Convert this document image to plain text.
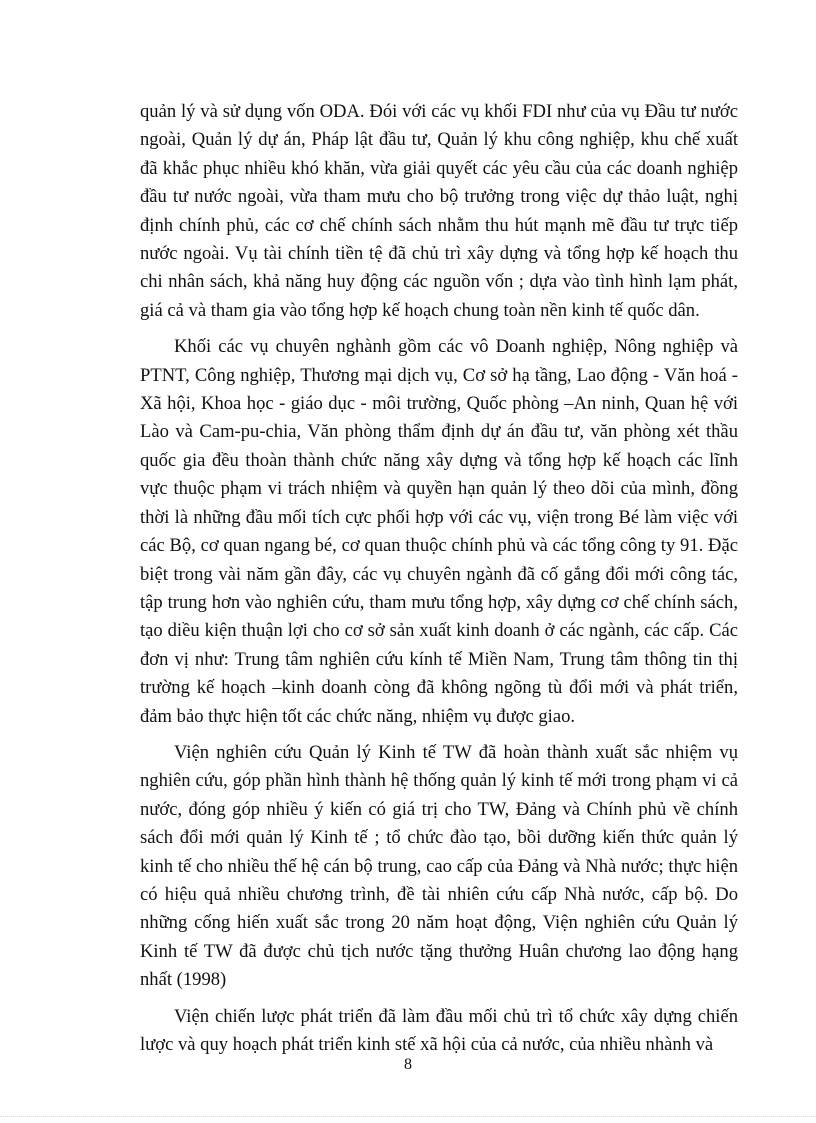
quản lý và sử dụng vốn ODA. Đói với các vụ khối FDI như của vụ Đầu tư nước ngoài, Quản lý dự án, Pháp lật đầu tư, Quản lý khu công nghiệp, khu chế xuất đã khắc phục nhiều khó khăn, vừa giải quyết các yêu cầu của các doanh nghiệp đầu tư nước ngoài, vừa tham mưu cho bộ trưởng trong việc dự thảo luật, nghị định chính phủ, các cơ chế chính sách nhằm thu hút mạnh mẽ đầu tư trực tiếp nước ngoài. Vụ tài chính tiền tệ đã chủ trì xây dựng và tổng hợp kế hoạch thu chi nhân sách, khả năng huy động các nguồn vốn ; dựa vào tình hình lạm phát, giá cả và tham gia vào tổng hợp kế hoạch chung toàn nền kinh tế quốc dân.

Khối các vụ chuyên nghành gồm các vô Doanh nghiệp, Nông nghiệp và PTNT, Công nghiệp, Thương mại dịch vụ, Cơ sở hạ tầng, Lao động - Văn hoá - Xã hội, Khoa học - giáo dục - môi trường, Quốc phòng –An ninh, Quan hệ với Lào và Cam-pu-chia, Văn phòng thẩm định dự án đầu tư, văn phòng xét thầu quốc gia đều thoàn thành chức năng xây dựng và tổng hợp kế hoạch các lĩnh vực thuộc phạm vi trách nhiệm và quyền hạn quản lý theo dõi của mình, đồng thời là những đầu mối tích cực phối hợp với các vụ, viện trong Bé làm việc với các Bộ, cơ quan ngang bé, cơ quan thuộc chính phủ và các tổng công ty 91. Đặc biệt trong vài năm gần đây, các vụ chuyên ngành đã cố gắng đổi mới công tác, tập trung hơn vào nghiên cứu, tham mưu tổng hợp, xây dựng cơ chế chính sách, tạo diều kiện thuận lợi cho cơ sở sản xuất kinh doanh ở các ngành, các cấp. Các đơn vị như: Trung tâm nghiên cứu kính tế Miền Nam, Trung tâm thông tin thị trường kế hoạch –kinh doanh còng đã không ngõng tù đổi mới và phát triển, đảm bảo thực hiện tốt các chức năng, nhiệm vụ được giao.

Viện nghiên cứu Quản lý Kinh tế TW đã hoàn thành xuất sắc nhiệm vụ nghiên cứu, góp phần hình thành hệ thống quản lý kinh tế mới trong phạm vi cả nước, đóng góp nhiều ý kiến có giá trị cho TW, Đảng và Chính phủ về chính sách đổi mới quản lý Kinh tế ; tổ chức đào tạo, bồi dưỡng kiến thức quản lý kinh tế cho nhiều thế hệ cán bộ trung, cao cấp của Đảng và Nhà nước; thực hiện có hiệu quả nhiều chương trình, đề tài nhiên cứu cấp Nhà nước, cấp bộ. Do những cống hiến xuất sắc trong 20 năm hoạt động, Viện nghiên cứu Quản lý Kinh tế TW đã được chủ tịch nước tặng thưởng Huân chương lao động hạng nhất (1998)

Viện chiến lược phát triển đã làm đầu mối chủ trì tổ chức xây dựng chiến lược và quy hoạch phát triển kinh stế xã hội của cả nước, của nhiều nhành và

8
